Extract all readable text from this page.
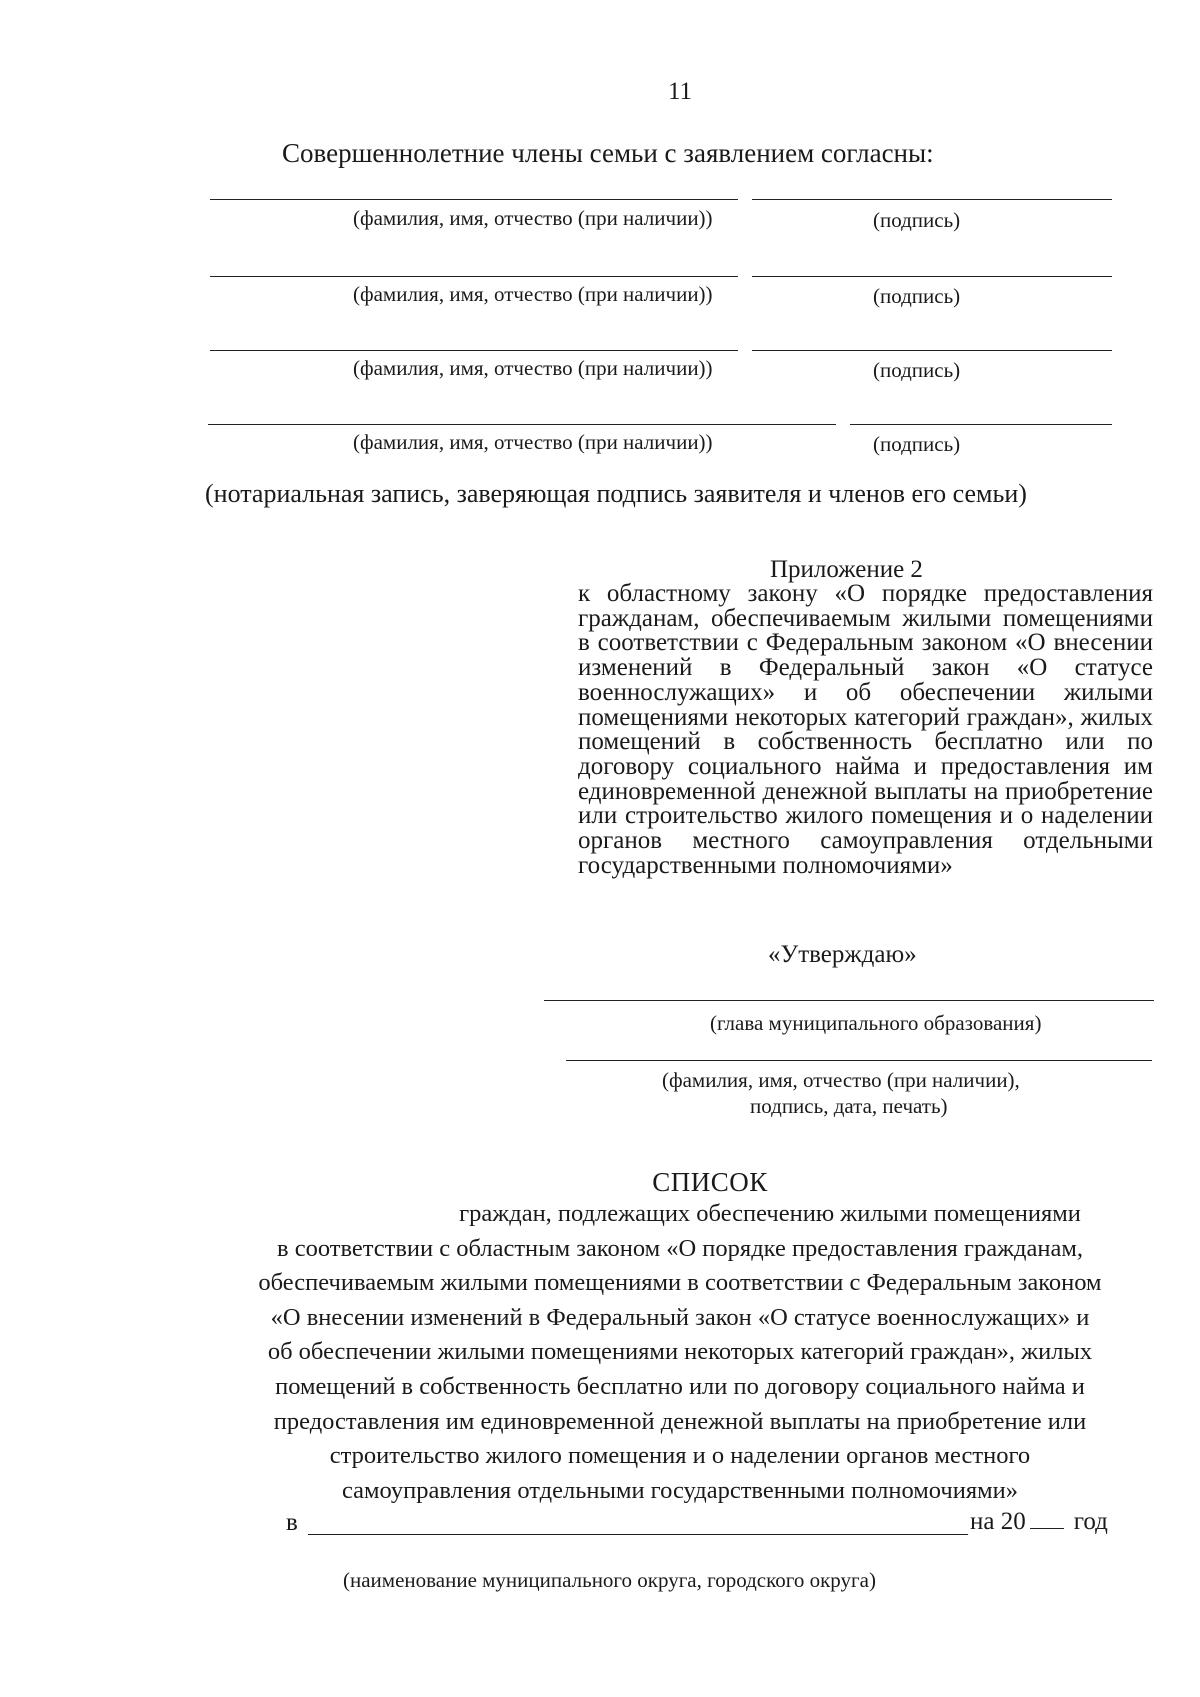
11
Совершеннолетние члены семьи с заявлением согласны:
(фамилия, имя, отчество (при наличии))	(подпись)
(фамилия, имя, отчество (при наличии))	(подпись)
(фамилия, имя, отчество (при наличии))	(подпись)
(фамилия, имя, отчество (при наличии))	(подпись)
(нотариальная запись, заверяющая подпись заявителя и членов его семьи)
Приложение 2
к областному закону «О порядке предоставления гражданам, обеспечиваемым жилыми помещениями в соответствии с Федеральным законом «О внесении изменений в Федеральный закон «О статусе военнослужащих» и об обеспечении жилыми помещениями некоторых категорий граждан», жилых помещений в собственность бесплатно или по договору социального найма и предоставления им единовременной денежной выплаты на приобретение или строительство жилого помещения и о наделении органов местного самоуправления отдельными государственными полномочиями»
«Утверждаю»
(глава муниципального образования)
(фамилия, имя, отчество (при наличии),
подпись, дата, печать)
СПИСОК
граждан, подлежащих обеспечению жилыми помещениями
в соответствии с областным законом «О порядке предоставления гражданам,
обеспечиваемым жилыми помещениями в соответствии с Федеральным законом
«О внесении изменений в Федеральный закон «О статусе военнослужащих» и
об обеспечении жилыми помещениями некоторых категорий граждан», жилых
помещений в собственность бесплатно или по договору социального найма и
предоставления им единовременной денежной выплаты на приобретение или
строительство жилого помещения и о наделении органов местного
самоуправления отдельными государственными полномочиями»
в	на 20 год
(наименование муниципального округа, городского округа)
